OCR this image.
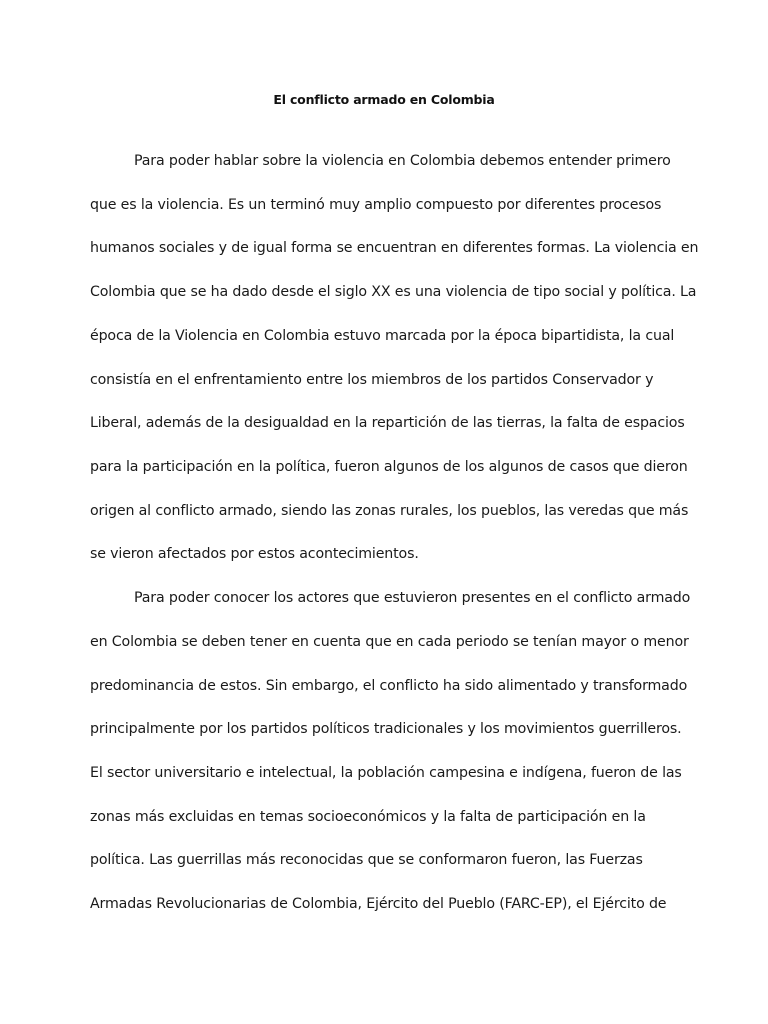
El conflicto armado en Colombia
Para poder hablar sobre la violencia en Colombia debemos entender primero
que es la violencia. Es un terminó muy amplio compuesto por diferentes procesos
humanos sociales y de igual forma se encuentran en diferentes formas. La violencia en
Colombia que se ha dado desde el siglo XX es una violencia de tipo social y política. La
época de la Violencia en Colombia estuvo marcada por la época bipartidista, la cual
consistía en el enfrentamiento entre los miembros de los partidos Conservador y
Liberal, además de la desigualdad en la repartición de las tierras, la falta de espacios
para la participación en la política, fueron algunos de los algunos de casos que dieron
origen al conflicto armado, siendo las zonas rurales, los pueblos, las veredas que más
se vieron afectados por estos acontecimientos.
Para poder conocer los actores que estuvieron presentes en el conflicto armado
en Colombia se deben tener en cuenta que en cada periodo se tenían mayor o menor
predominancia de estos. Sin embargo, el conflicto ha sido alimentado y transformado
principalmente por los partidos políticos tradicionales y los movimientos guerrilleros.
El sector universitario e intelectual, la población campesina e indígena, fueron de las
zonas más excluidas en temas socioeconómicos y la falta de participación en la
política. Las guerrillas más reconocidas que se conformaron fueron, las Fuerzas
Armadas Revolucionarias de Colombia, Ejército del Pueblo (FARC-EP), el Ejército de
